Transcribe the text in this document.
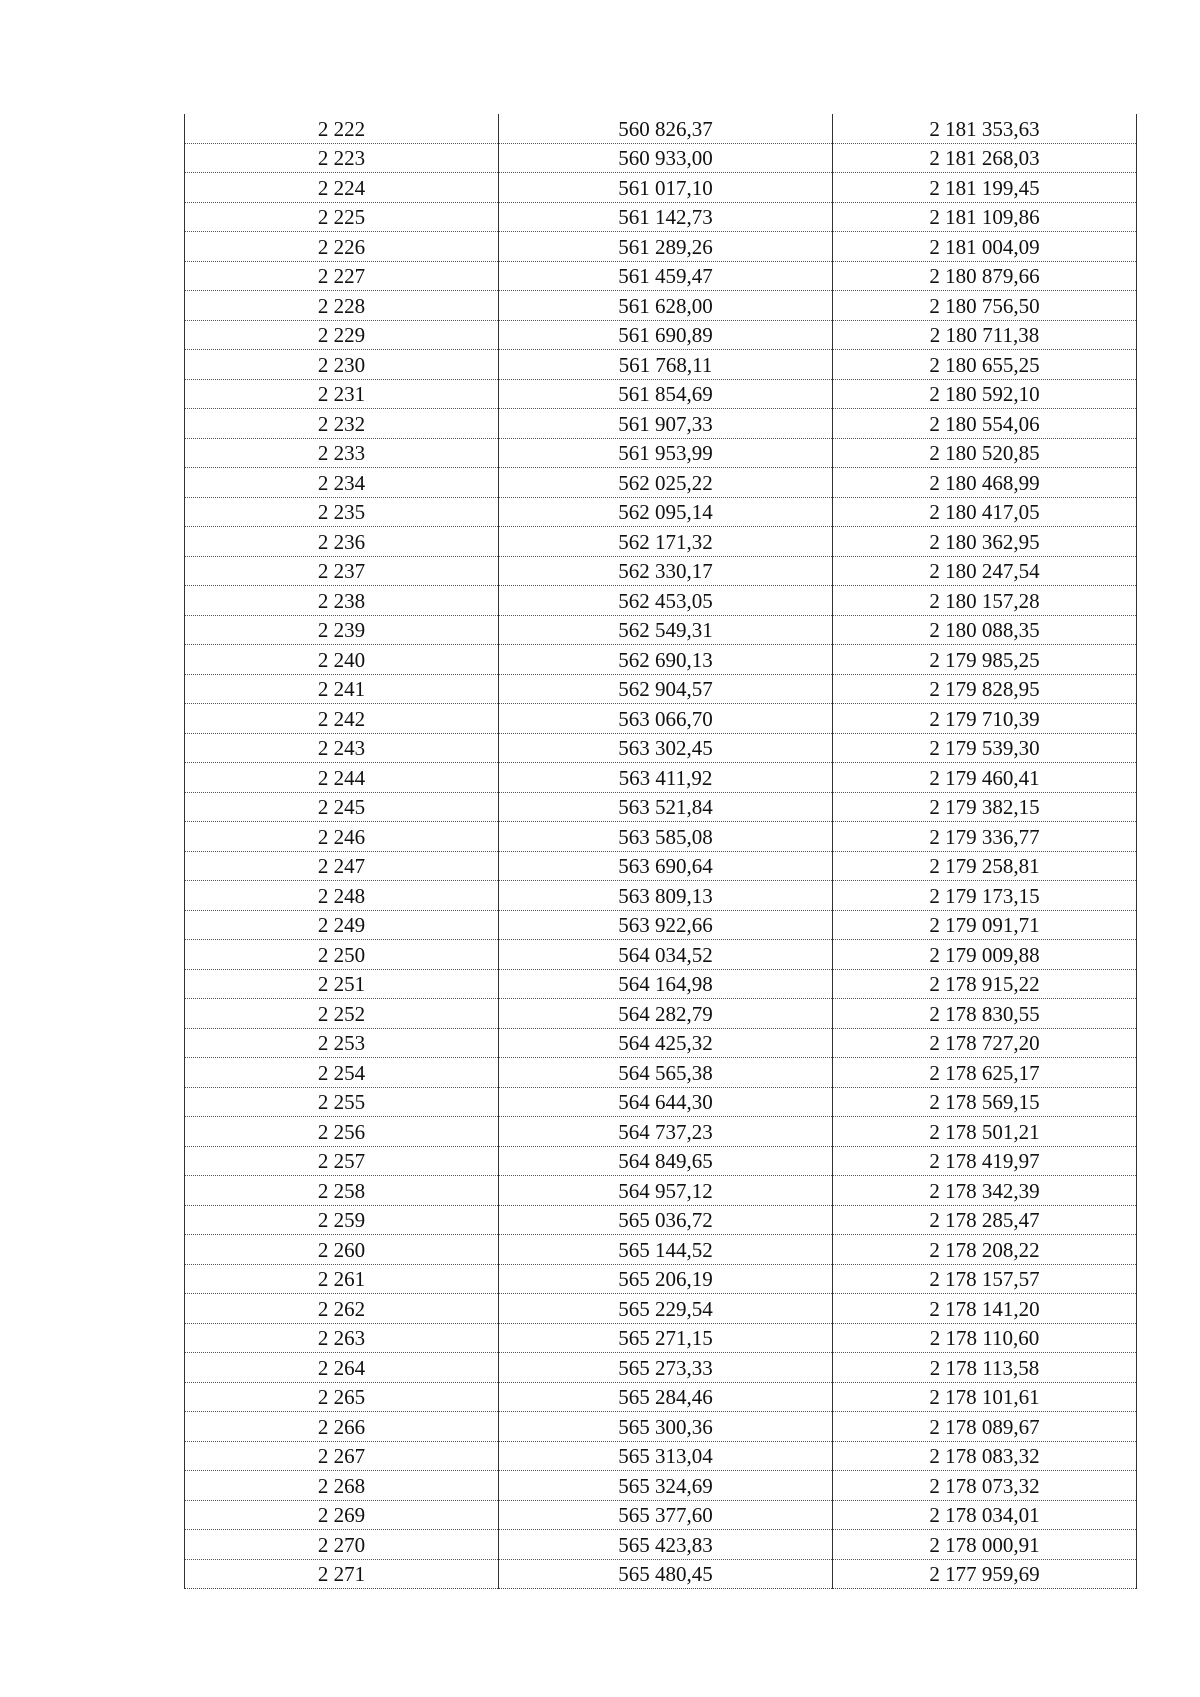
2 222	560 826,37	2 181 353,63
2 223	560 933,00	2 181 268,03
2 224	561 017,10	2 181 199,45
2 225	561 142,73	2 181 109,86
2 226	561 289,26	2 181 004,09
2 227	561 459,47	2 180 879,66
2 228	561 628,00	2 180 756,50
2 229	561 690,89	2 180 711,38
2 230	561 768,11	2 180 655,25
2 231	561 854,69	2 180 592,10
2 232	561 907,33	2 180 554,06
2 233	561 953,99	2 180 520,85
2 234	562 025,22	2 180 468,99
2 235	562 095,14	2 180 417,05
2 236	562 171,32	2 180 362,95
2 237	562 330,17	2 180 247,54
2 238	562 453,05	2 180 157,28
2 239	562 549,31	2 180 088,35
2 240	562 690,13	2 179 985,25
2 241	562 904,57	2 179 828,95
2 242	563 066,70	2 179 710,39
2 243	563 302,45	2 179 539,30
2 244	563 411,92	2 179 460,41
2 245	563 521,84	2 179 382,15
2 246	563 585,08	2 179 336,77
2 247	563 690,64	2 179 258,81
2 248	563 809,13	2 179 173,15
2 249	563 922,66	2 179 091,71
2 250	564 034,52	2 179 009,88
2 251	564 164,98	2 178 915,22
2 252	564 282,79	2 178 830,55
2 253	564 425,32	2 178 727,20
2 254	564 565,38	2 178 625,17
2 255	564 644,30	2 178 569,15
2 256	564 737,23	2 178 501,21
2 257	564 849,65	2 178 419,97
2 258	564 957,12	2 178 342,39
2 259	565 036,72	2 178 285,47
2 260	565 144,52	2 178 208,22
2 261	565 206,19	2 178 157,57
2 262	565 229,54	2 178 141,20
2 263	565 271,15	2 178 110,60
2 264	565 273,33	2 178 113,58
2 265	565 284,46	2 178 101,61
2 266	565 300,36	2 178 089,67
2 267	565 313,04	2 178 083,32
2 268	565 324,69	2 178 073,32
2 269	565 377,60	2 178 034,01
2 270	565 423,83	2 178 000,91
2 271	565 480,45	2 177 959,69
